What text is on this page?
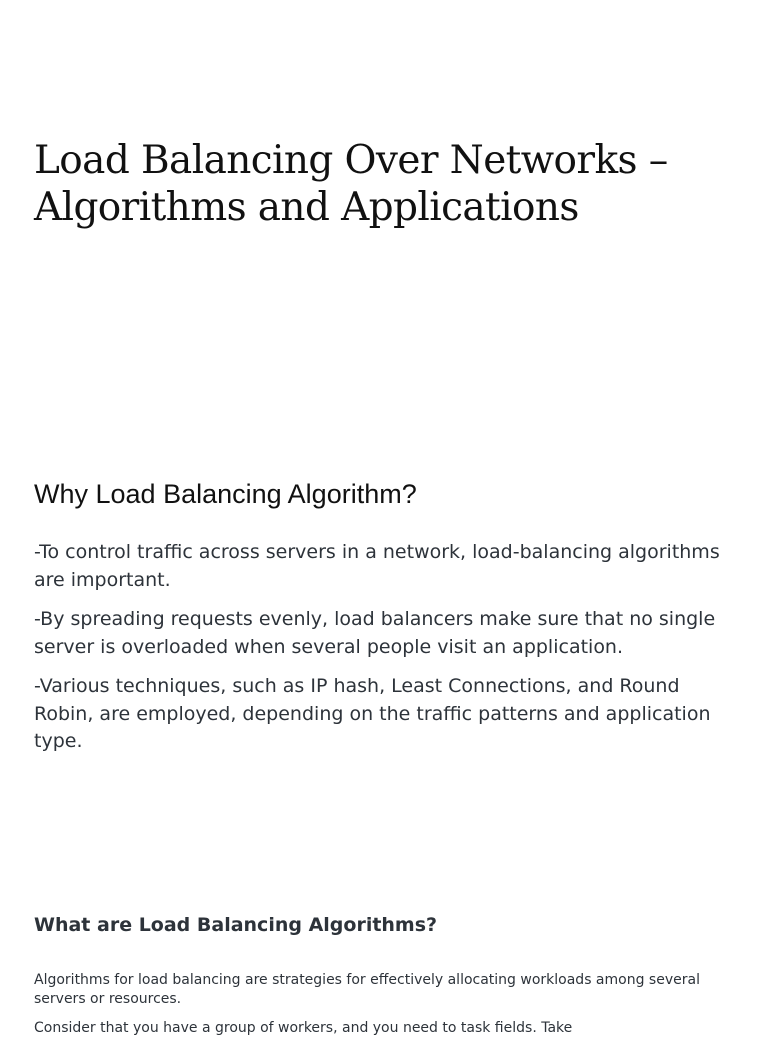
Load Balancing Over Networks – Algorithms and Applications
Why Load Balancing Algorithm?

-To control traffic across servers in a network, load-balancing algorithms are important.

-By spreading requests evenly, load balancers make sure that no single server is overloaded when several people visit an application.

-Various techniques, such as IP hash, Least Connections, and Round Robin, are employed, depending on the traffic patterns and application type.

What are Load Balancing Algorithms?

Algorithms for load balancing are strategies for effectively allocating workloads among several servers or resources.

Consider that you have a group of workers, and you need to task fields. Take
